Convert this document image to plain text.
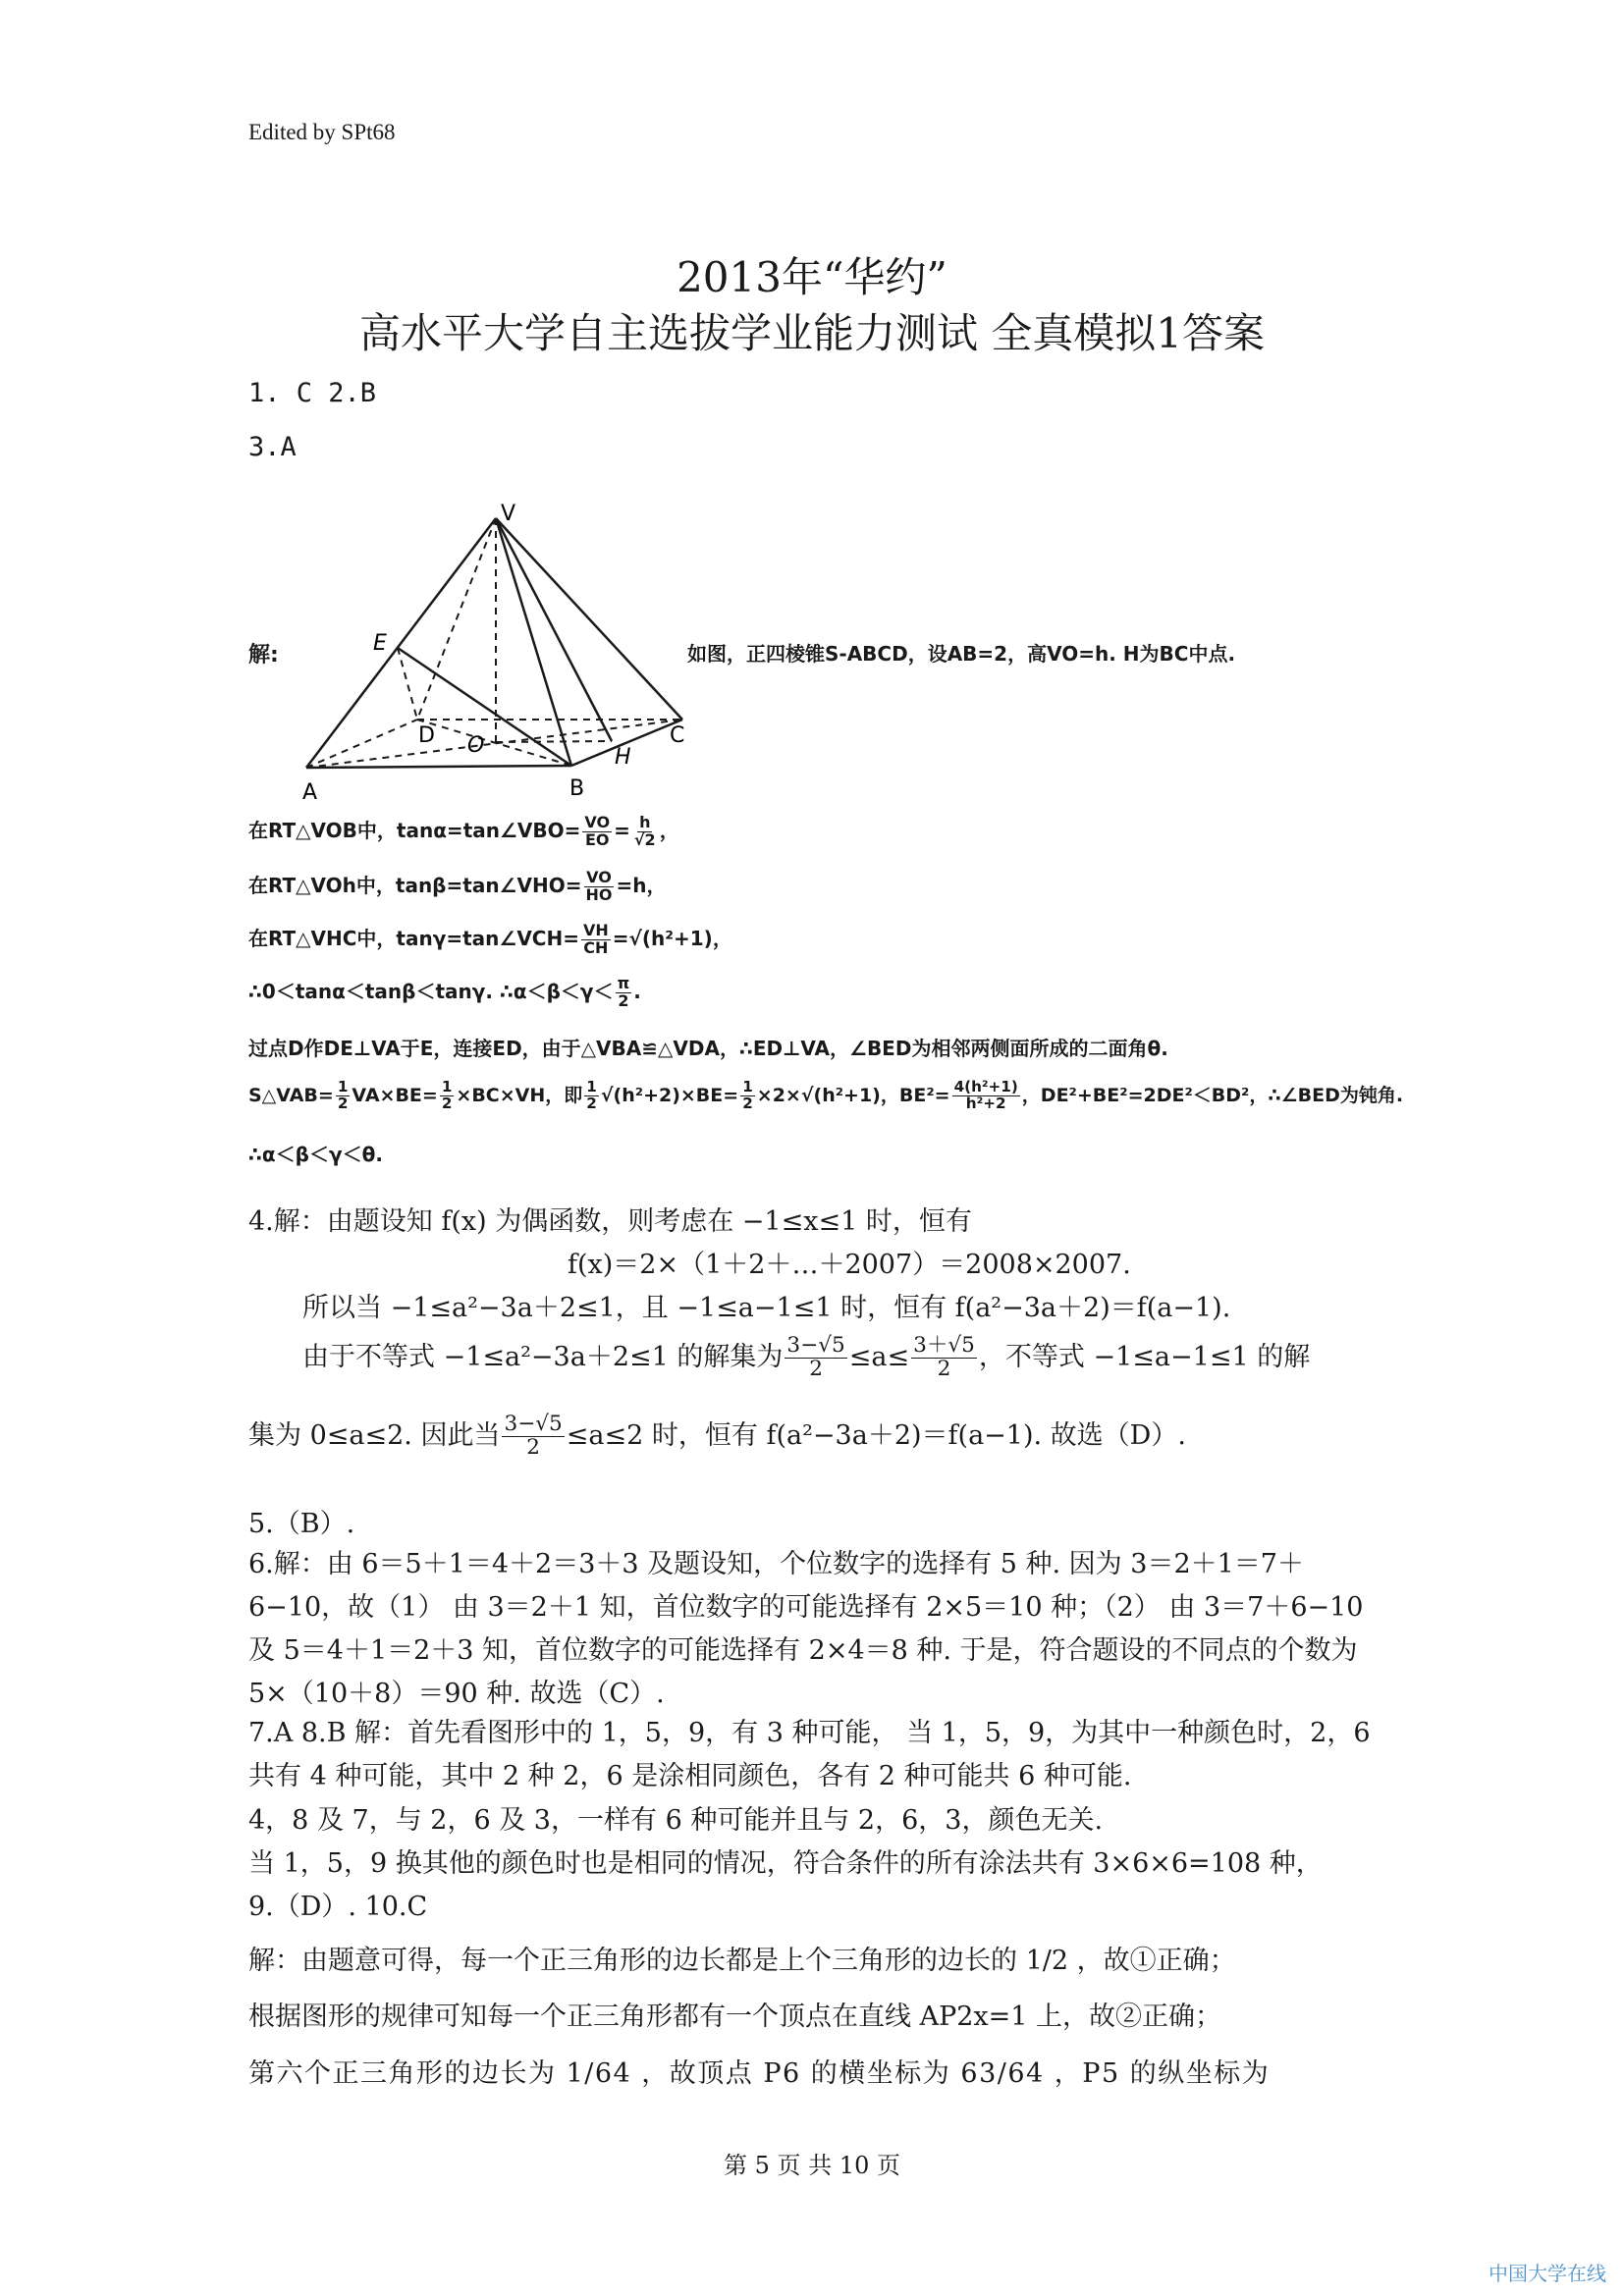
Edited by SPt68
2013年“华约”
高水平大学自主选拔学业能力测试 全真模拟1答案
1. C 2.B
3.A
V
E
D O	C
H
A	B
解:	如图，正四棱锥S-ABCD，设AB=2，高VO=h. H为BC中点.
在RT△VOB中，tanα=tan∠VBO= $\frac{VO}{EO} = \frac{h}{√2}$ ，
在RT△VOh中，tanβ=tan∠VHO= $\frac{VO}{HO} =h$，
在RT△VHC中，tanγ=tan∠VCH= $\frac{VH}{CH} =√(h^2+1)$，
∴0＜tanα＜tanβ＜tanγ. ∴α＜β＜γ＜ $\frac{\pi}{2}$ .
过点D作DE⊥VA于E，连接ED，由于△VBA≌△VDA，∴ED⊥VA，∠BED为相邻两侧面所成的二面角θ.
S△VAB= $\frac{1}{2} VA\times BE= \frac{1}{2} \times BC\times VH$，即 $\frac{1}{2} √(h^2+2)\times BE= \frac{1}{2} \times 2\times√(h^2+1)$，$BE^2= \frac{\text{4(h²+1)}}{\text{h²+2}}$ ，DE²+BE²=2DE²＜BD²，∴∠BED为钝角.
∴α＜β＜γ＜θ.
4.解：由题设知 f(x) 为偶函数，则考虑在 −1≤x≤1 时，恒有
f(x)＝2×（1＋2＋…＋2007）＝2008×2007.
所以当 −1≤a²−3a＋2≤1，且 −1≤a−1≤1 时，恒有 f(a²−3a＋2)＝f(a−1).
由于不等式 −1≤a²−3a＋2≤1 的解集为 $\frac{3-√5}{2} \le a\le \frac{3+√5}{2}$ ，不等式 −1≤a−1≤1 的解
集为 0≤a≤2. 因此当 $\frac{3-√5}{2} \le a\le 2$ 时，恒有 f(a²−3a＋2)＝f(a−1). 故选（D）.
5.（B）.
6.解：由 6＝5＋1＝4＋2＝3＋3 及题设知，个位数字的选择有 5 种. 因为 3＝2＋1＝7＋6−10，故（1） 由 3＝2＋1 知，首位数字的可能选择有 2×5＝10 种；（2） 由 3＝7＋6−10 及 5＝4＋1＝2＋3 知，首位数字的可能选择有 2×4＝8 种. 于是，符合题设的不同点的个数为 5×（10＋8）＝90 种. 故选（C）.
7.A 8.B 解：首先看图形中的 1，5，9，有 3 种可能， 当 1，5，9，为其中一种颜色时，2，6 共有 4 种可能，其中 2 种 2，6 是涂相同颜色，各有 2 种可能共 6 种可能.
4，8 及 7，与 2，6 及 3，一样有 6 种可能并且与 2，6，3，颜色无关.
当 1，5，9 换其他的颜色时也是相同的情况，符合条件的所有涂法共有 3×6×6=108 种，
9.（D）. 10.C
解：由题意可得，每一个正三角形的边长都是上个三角形的边长的 1/2 ，故①正确；
根据图形的规律可知每一个正三角形都有一个顶点在直线 AP2x=1 上，故②正确；
第六个正三角形的边长为 1/64 ，故顶点 P6 的横坐标为 63/64 ，P5 的纵坐标为
第 5 页 共 10 页
中国大学在线
